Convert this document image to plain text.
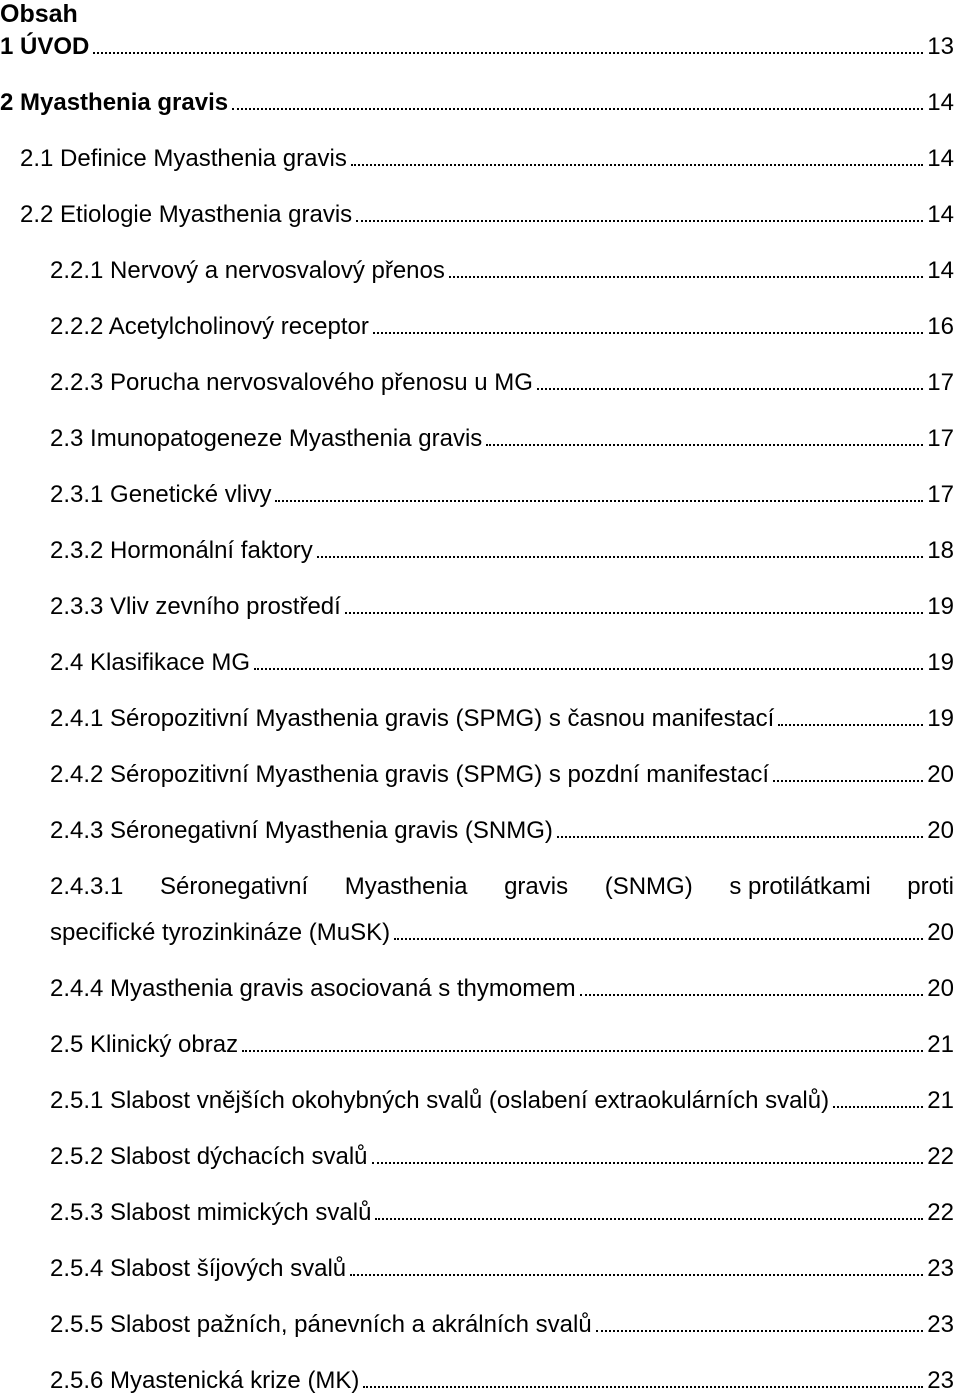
Obsah
1 ÚVOD	13
2 Myasthenia gravis	14
2.1 Definice Myasthenia gravis	14
2.2 Etiologie Myasthenia gravis	14
2.2.1 Nervový a nervosvalový přenos	14
2.2.2 Acetylcholinový receptor	16
2.2.3 Porucha nervosvalového přenosu u MG	17
2.3 Imunopatogeneze Myasthenia gravis	17
2.3.1 Genetické vlivy	17
2.3.2 Hormonální faktory	18
2.3.3 Vliv zevního prostředí	19
2.4 Klasifikace MG	19
2.4.1 Séropozitivní Myasthenia gravis (SPMG) s časnou manifestací	19
2.4.2 Séropozitivní Myasthenia gravis (SPMG) s pozdní manifestací	20
2.4.3 Séronegativní Myasthenia gravis (SNMG)	20
2.4.3.1 Séronegativní Myasthenia gravis (SNMG) s protilátkami proti
specifické tyrozinkináze (MuSK)	20
2.4.4 Myasthenia gravis asociovaná s thymomem	20
2.5 Klinický obraz	21
2.5.1 Slabost vnějších okohybných svalů (oslabení extraokulárních svalů)	21
2.5.2 Slabost dýchacích svalů	22
2.5.3 Slabost mimických svalů	22
2.5.4 Slabost šíjových svalů	23
2.5.5 Slabost pažních, pánevních a akrálních svalů	23
2.5.6 Myastenická krize (MK)	23
